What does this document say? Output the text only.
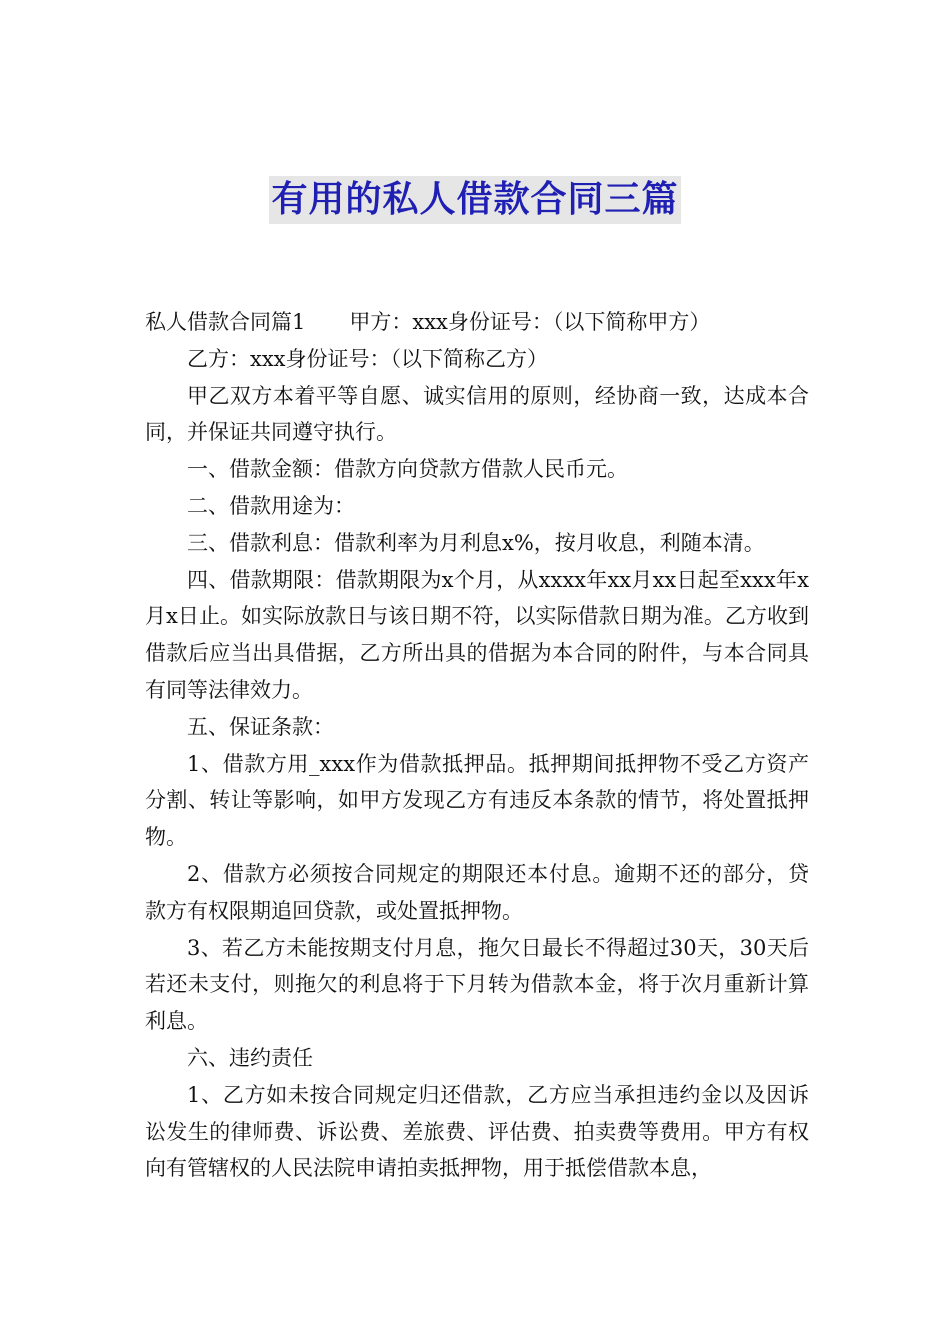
有用的私人借款合同三篇

私人借款合同篇1 甲方：xxx身份证号：（以下简称甲方）

乙方：xxx身份证号：（以下简称乙方）

甲乙双方本着平等自愿、诚实信用的原则，经协商一致，达成本合同，并保证共同遵守执行。

一、借款金额：借款方向贷款方借款人民币元。

二、借款用途为：

三、借款利息：借款利率为月利息x%，按月收息，利随本清。

四、借款期限：借款期限为x个月，从xxxx年xx月xx日起至xxx年x月x日止。如实际放款日与该日期不符，以实际借款日期为准。乙方收到借款后应当出具借据，乙方所出具的借据为本合同的附件，与本合同具有同等法律效力。

五、保证条款：

1、借款方用_xxx作为借款抵押品。抵押期间抵押物不受乙方资产分割、转让等影响，如甲方发现乙方有违反本条款的情节，将处置抵押物。

2、借款方必须按合同规定的期限还本付息。逾期不还的部分，贷款方有权限期追回贷款，或处置抵押物。

3、若乙方未能按期支付月息，拖欠日最长不得超过30天，30天后若还未支付，则拖欠的利息将于下月转为借款本金，将于次月重新计算利息。

六、违约责任

1、乙方如未按合同规定归还借款，乙方应当承担违约金以及因诉讼发生的律师费、诉讼费、差旅费、评估费、拍卖费等费用。甲方有权向有管辖权的人民法院申请拍卖抵押物，用于抵偿借款本息，
